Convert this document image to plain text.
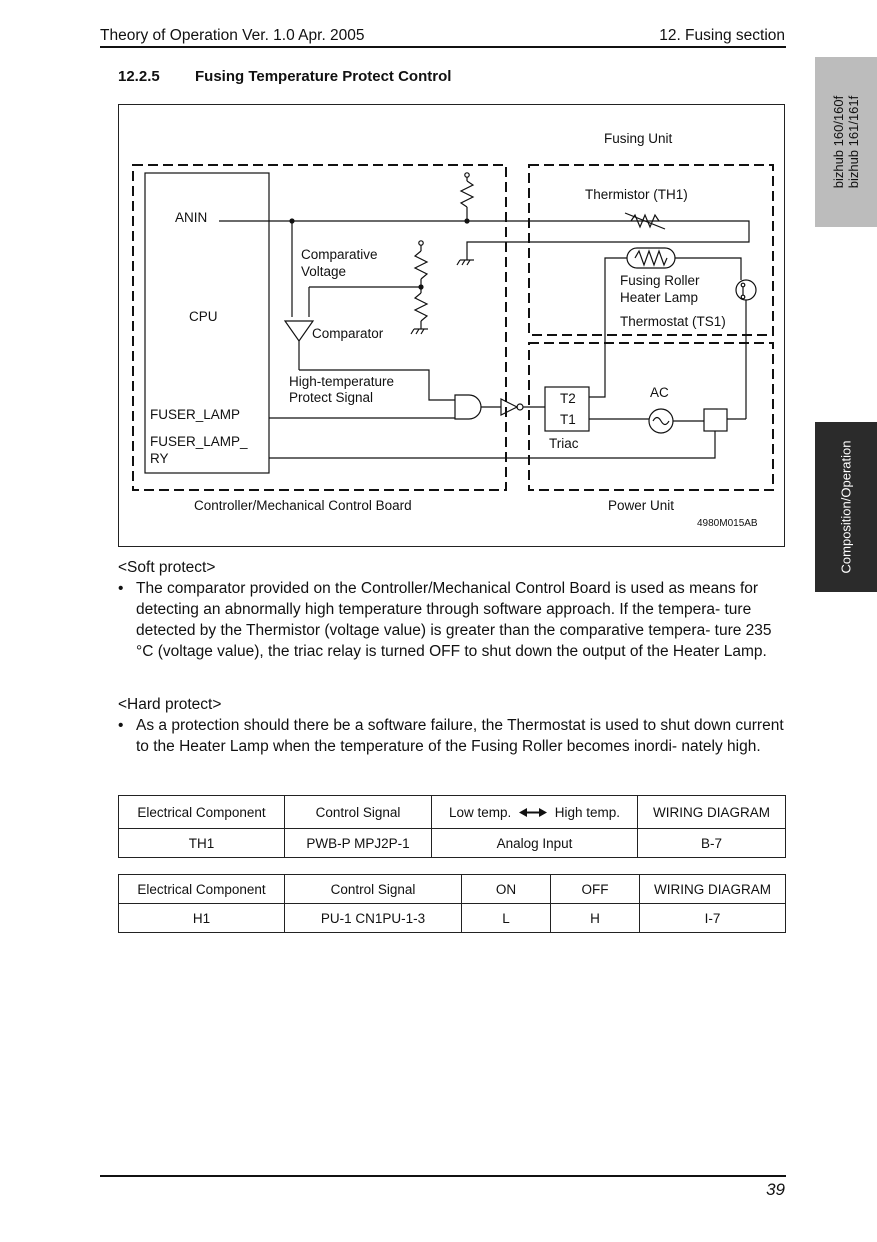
Theory of Operation Ver. 1.0 Apr. 2005	12. Fusing section
bizhub 160/160f bizhub 161/161f
Composition/Operation
12.2.5 Fusing Temperature Protect Control
Fusing Unit
Thermistor (TH1)
ANIN
Comparative
Voltage
CPU
Comparator
Fusing Roller
Heater Lamp
Thermostat (TS1)
High-temperature
Protect Signal
FUSER_LAMP
FUSER_LAMP_
RY
T2
T1
AC
Triac
Controller/Mechanical Control Board	Power Unit
4980M015AB
<Soft protect>
• The comparator provided on the Controller/Mechanical Control Board is used as means for detecting an abnormally high temperature through software approach. If the tempera- ture detected by the Thermistor (voltage value) is greater than the comparative tempera- ture 235 °C (voltage value), the triac relay is turned OFF to shut down the output of the Heater Lamp.
<Hard protect>
• As a protection should there be a software failure, the Thermostat is used to shut down current to the Heater Lamp when the temperature of the Fusing Roller becomes inordi- nately high.
Electrical Component	Control Signal	Low temp. High temp.	WIRING DIAGRAM
TH1	PWB-P MPJ2P-1	Analog Input	B-7
Electrical Component	Control Signal	ON	OFF	WIRING DIAGRAM
H1	PU-1 CN1PU-1-3	L	H	I-7
39
